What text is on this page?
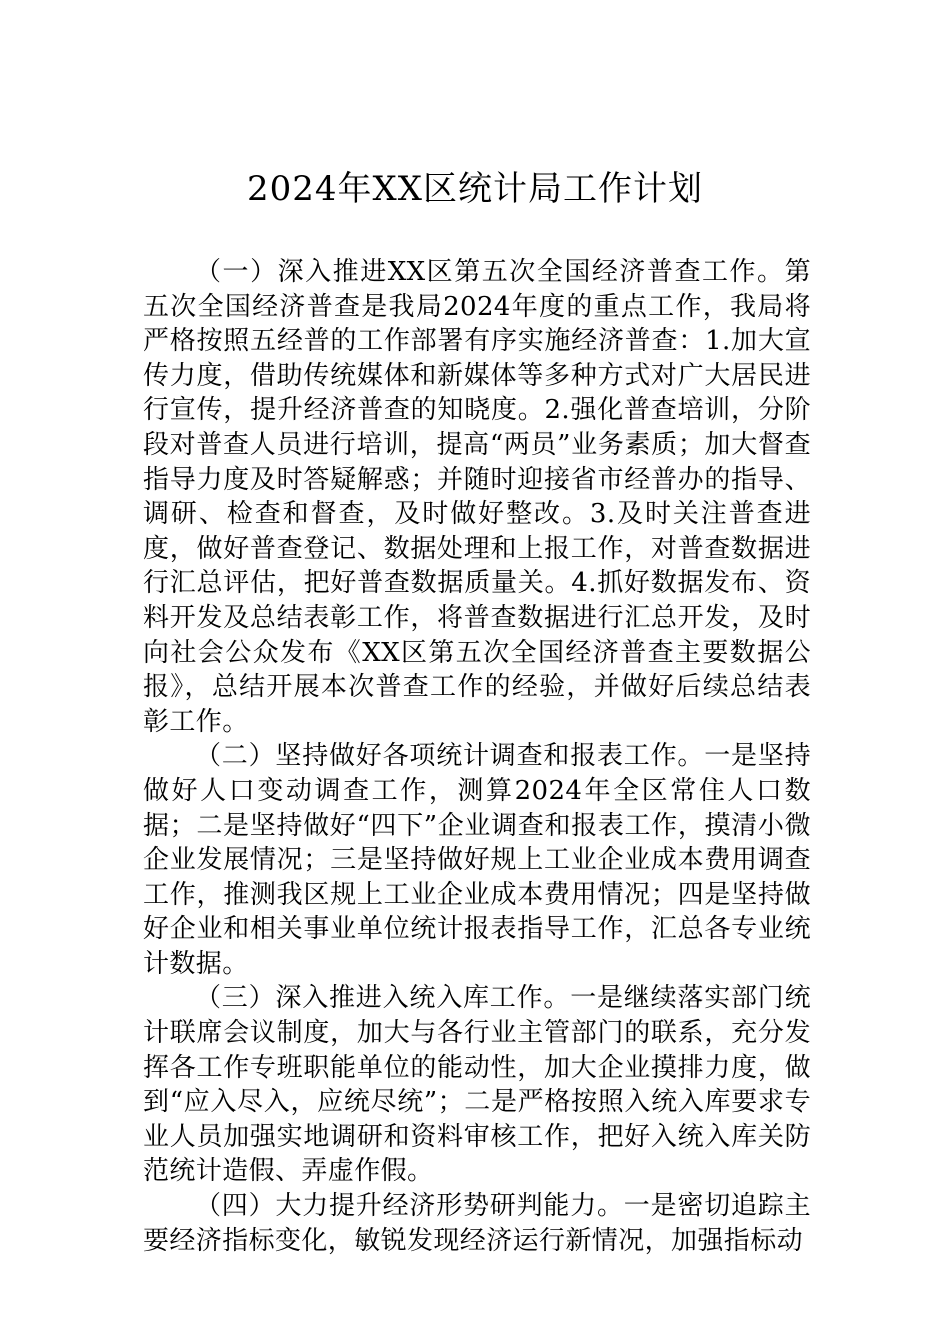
2024年XX区统计局工作计划

（一）深入推进XX区第五次全国经济普查工作。第五次全国经济普查是我局2024年度的重点工作，我局将严格按照五经普的工作部署有序实施经济普查：1.加大宣传力度，借助传统媒体和新媒体等多种方式对广大居民进行宣传，提升经济普查的知晓度。2.强化普查培训，分阶段对普查人员进行培训，提高“两员”业务素质；加大督查指导力度及时答疑解惑；并随时迎接省市经普办的指导、调研、检查和督查，及时做好整改。3.及时关注普查进度，做好普查登记、数据处理和上报工作，对普查数据进行汇总评估，把好普查数据质量关。4.抓好数据发布、资料开发及总结表彰工作，将普查数据进行汇总开发，及时向社会公众发布《XX区第五次全国经济普查主要数据公报》，总结开展本次普查工作的经验，并做好后续总结表彰工作。

（二）坚持做好各项统计调查和报表工作。一是坚持做好人口变动调查工作，测算2024年全区常住人口数据；二是坚持做好“四下”企业调查和报表工作，摸清小微企业发展情况；三是坚持做好规上工业企业成本费用调查工作，推测我区规上工业企业成本费用情况；四是坚持做好企业和相关事业单位统计报表指导工作，汇总各专业统计数据。

（三）深入推进入统入库工作。一是继续落实部门统计联席会议制度，加大与各行业主管部门的联系，充分发挥各工作专班职能单位的能动性，加大企业摸排力度，做到“应入尽入，应统尽统”；二是严格按照入统入库要求专业人员加强实地调研和资料审核工作，把好入统入库关防范统计造假、弄虚作假。

（四）大力提升经济形势研判能力。一是密切追踪主要经济指标变化，敏锐发现经济运行新情况，加强指标动
